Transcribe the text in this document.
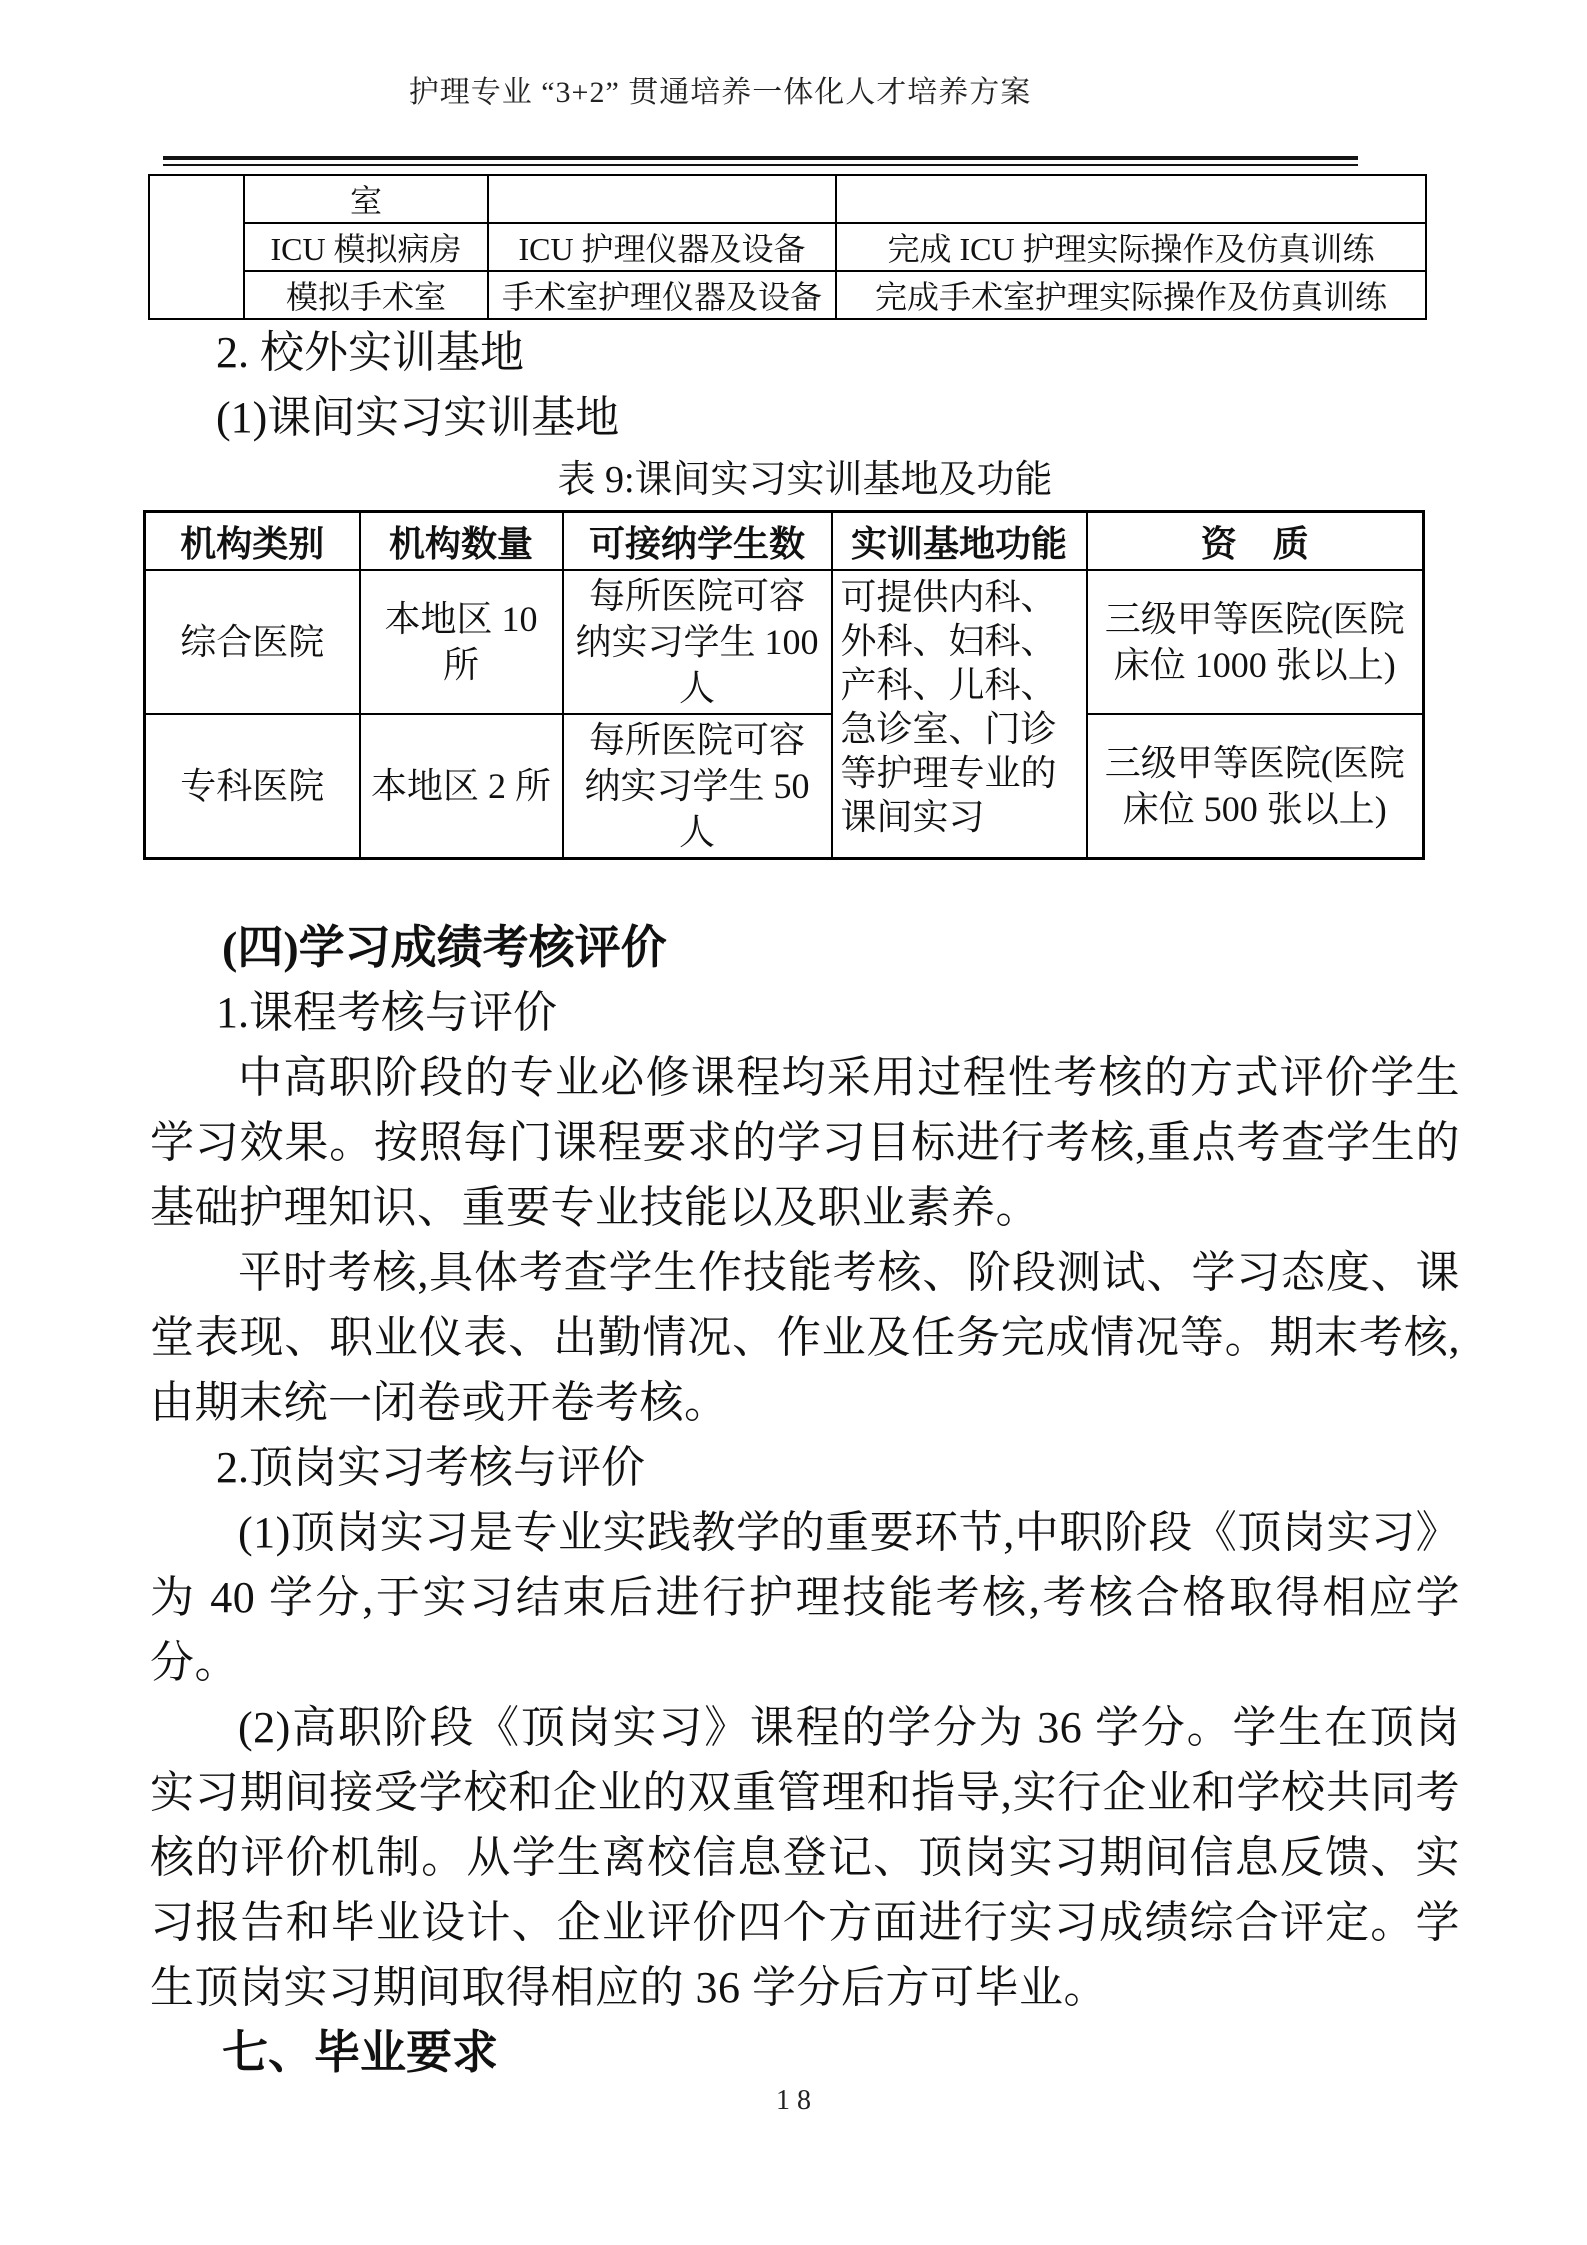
护理专业 “3+2” 贯通培养一体化人才培养方案
	室		
	ICU 模拟病房	ICU 护理仪器及设备	完成 ICU 护理实际操作及仿真训练
	模拟手术室	手术室护理仪器及设备	完成手术室护理实际操作及仿真训练

2. 校外实训基地

(1)课间实习实训基地

表 9:课间实习实训基地及功能

机构类别	机构数量	可接纳学生数	实训基地功能	资　质
综合医院	本地区 10 所	每所医院可容纳实习学生 100 人	可提供内科、外科、妇科、产科、儿科、急诊室、门诊等护理专业的课间实习	三级甲等医院(医院床位 1000 张以上)
专科医院	本地区 2 所	每所医院可容纳实习学生 50 人		三级甲等医院(医院床位 500 张以上)

(四)学习成绩考核评价

1.课程考核与评价

中高职阶段的专业必修课程均采用过程性考核的方式评价学生学习效果。按照每门课程要求的学习目标进行考核,重点考查学生的基础护理知识、重要专业技能以及职业素养。

平时考核,具体考查学生作技能考核、阶段测试、学习态度、课堂表现、职业仪表、出勤情况、作业及任务完成情况等。期末考核,由期末统一闭卷或开卷考核。

2.顶岗实习考核与评价

(1)顶岗实习是专业实践教学的重要环节,中职阶段《顶岗实习》为 40 学分,于实习结束后进行护理技能考核,考核合格取得相应学分。

(2)高职阶段《顶岗实习》课程的学分为 36 学分。学生在顶岗实习期间接受学校和企业的双重管理和指导,实行企业和学校共同考核的评价机制。从学生离校信息登记、顶岗实习期间信息反馈、实习报告和毕业设计、企业评价四个方面进行实习成绩综合评定。学生顶岗实习期间取得相应的 36 学分后方可毕业。

七、毕业要求

1 8
